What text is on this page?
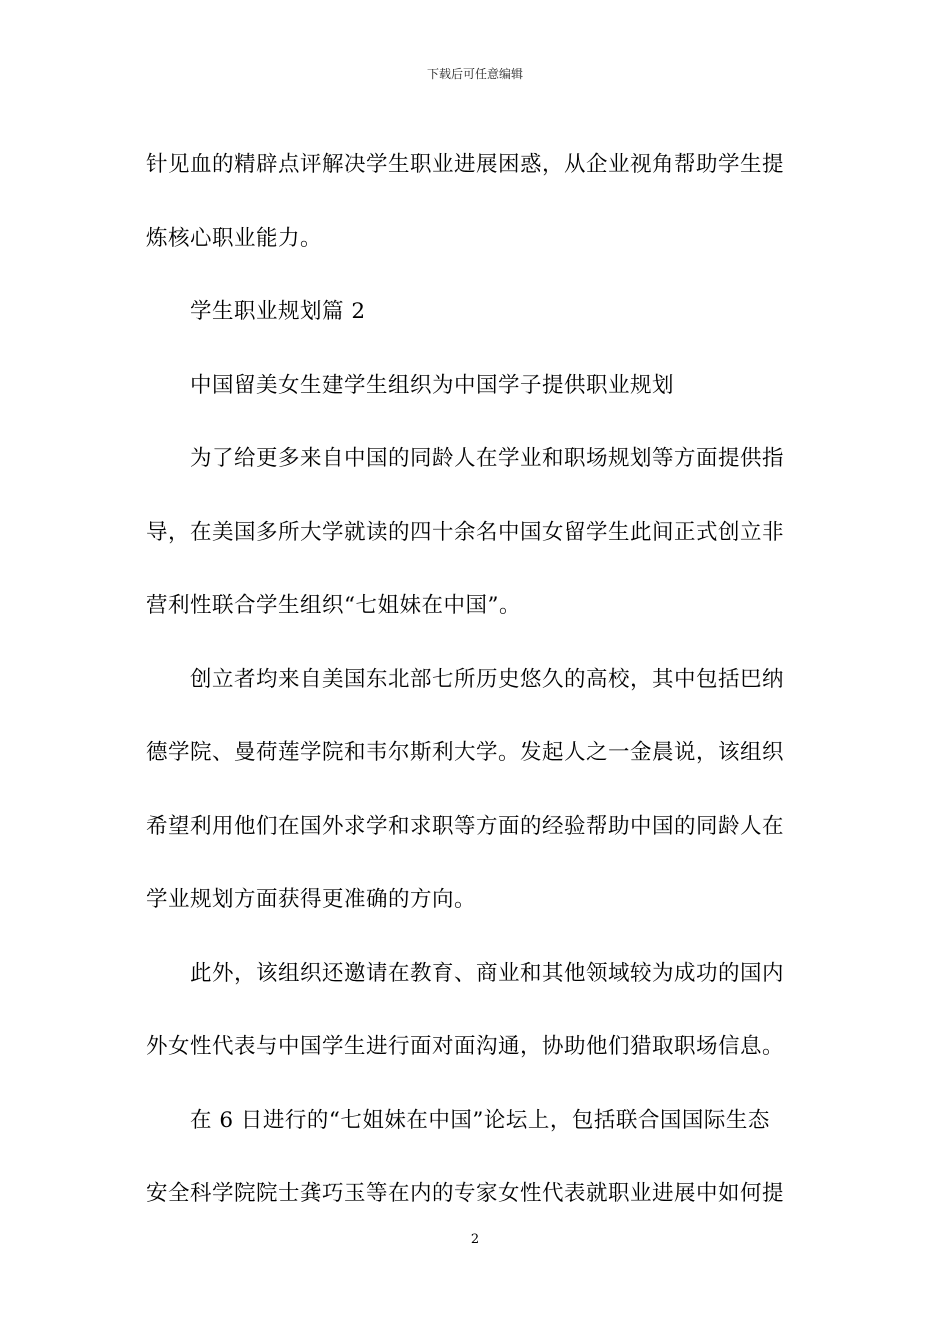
下载后可任意编辑

针见血的精辟点评解决学生职业进展困惑，从企业视角帮助学生提

炼核心职业能力。

学生职业规划篇 2

中国留美女生建学生组织为中国学子提供职业规划

为了给更多来自中国的同龄人在学业和职场规划等方面提供指

导，在美国多所大学就读的四十余名中国女留学生此间正式创立非

营利性联合学生组织“七姐妹在中国”。

创立者均来自美国东北部七所历史悠久的高校，其中包括巴纳

德学院、曼荷莲学院和韦尔斯利大学。发起人之一金晨说，该组织

希望利用他们在国外求学和求职等方面的经验帮助中国的同龄人在

学业规划方面获得更准确的方向。

此外，该组织还邀请在教育、商业和其他领域较为成功的国内

外女性代表与中国学生进行面对面沟通，协助他们猎取职场信息。

在 6 日进行的“七姐妹在中国”论坛上，包括联合国国际生态

安全科学院院士龚巧玉等在内的专家女性代表就职业进展中如何提

2
